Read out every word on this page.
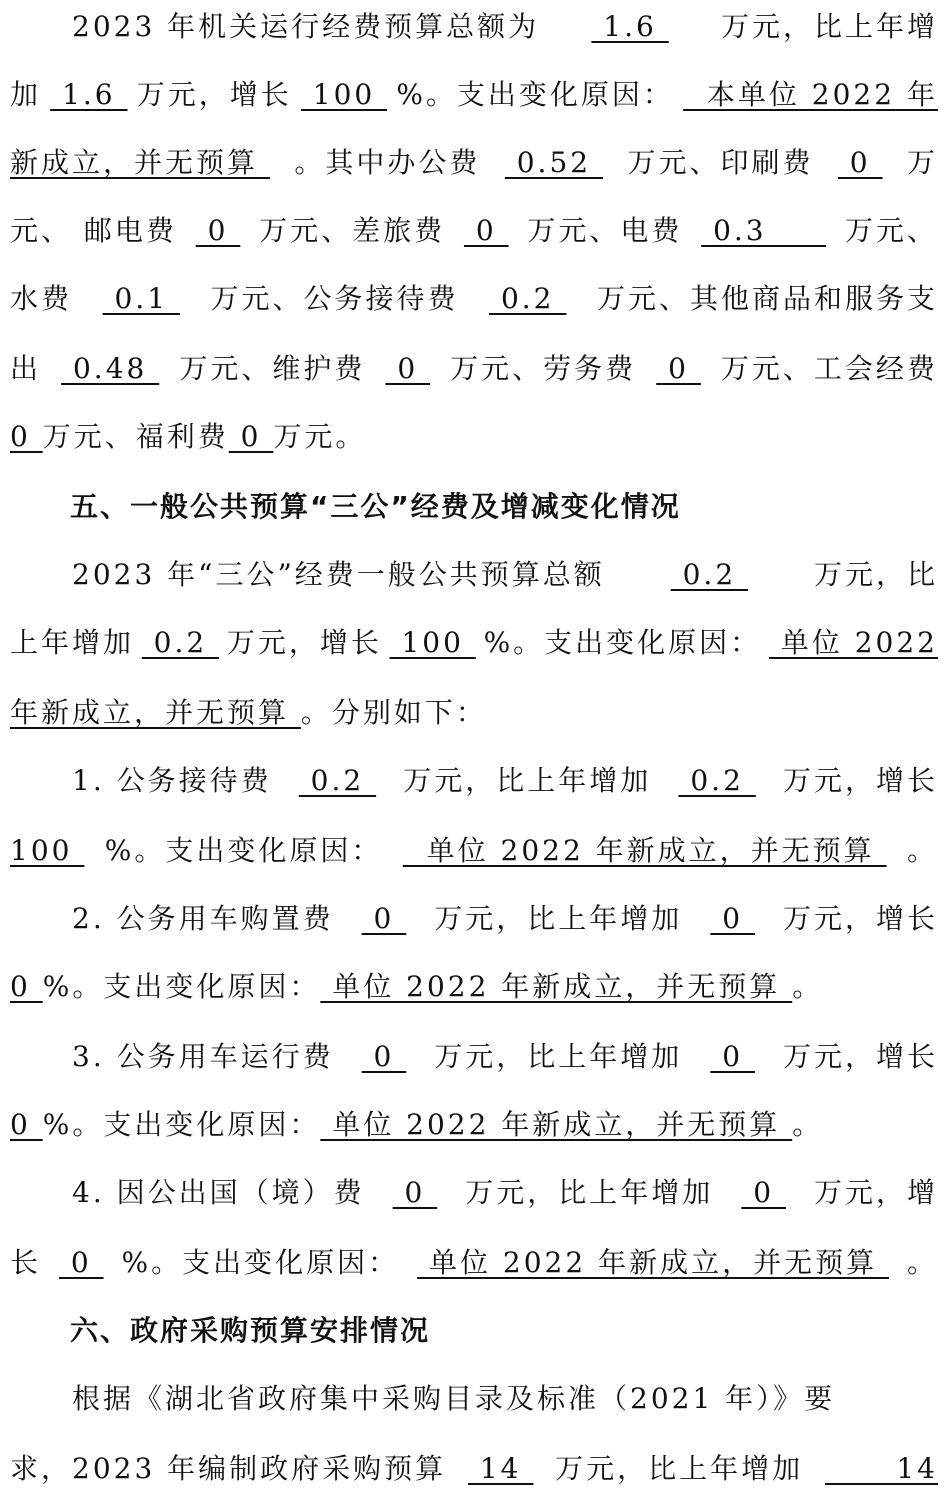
　　2023 年机关运行经费预算总额为 1.6 万元，比上年增
加 1.6 万元，增长 100 %。支出变化原因： 本单位 2022 年
新成立，并无预算 。其中办公费 0.52 万元、印刷费 0 万
元、 邮电费 0 万元、差旅费 0 万元、电费 0.3 万元、
水费 0.1 万元、公务接待费 0.2 万元、其他商品和服务支
出 0.48 万元、维护费 0 万元、劳务费 0 万元、工会经费
0 万元、福利费 0 万元。
　　五、一般公共预算“三公”经费及增减变化情况
　　2023 年“三公”经费一般公共预算总额 0.2 万元，比
上年增加 0.2 万元，增长 100 %。支出变化原因： 单位 2022
年新成立，并无预算 。分别如下：
　　1. 公务接待费 0.2 万元，比上年增加 0.2 万元，增长
100 %。支出变化原因： 单位 2022 年新成立，并无预算 。
　　2. 公务用车购置费 0 万元，比上年增加 0 万元，增长
0 %。支出变化原因： 单位 2022 年新成立，并无预算 。
　　3. 公务用车运行费 0 万元，比上年增加 0 万元，增长
0 %。支出变化原因： 单位 2022 年新成立，并无预算 。
　　4. 因公出国（境）费 0 万元，比上年增加 0 万元，增
长 0 %。支出变化原因： 单位 2022 年新成立，并无预算 。
　　六、政府采购预算安排情况
　　根据《湖北省政府集中采购目录及标准（2021 年）》要
求，2023 年编制政府采购预算 14 万元，比上年增加 14
